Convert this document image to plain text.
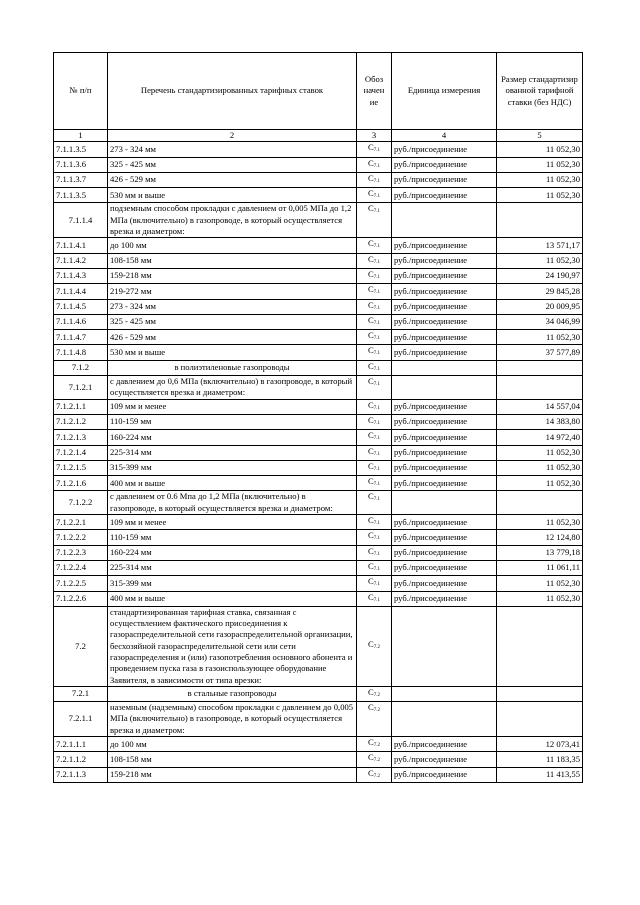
№ п/п	Перечень стандартизированных тарифных ставок	Обоз начен ие	Единица измерения	Размер стандартизир ованной тарифной ставки (без НДС)
1	2	3	4	5
7.1.1.3.5	273 - 324 мм	$C_{7.1}$	руб./присоединение	11 052,30
7.1.1.3.6	325 - 425 мм	$C_{7.1}$	руб./присоединение	11 052,30
7.1.1.3.7	426 - 529 мм	$C_{7.1}$	руб./присоединение	11 052,30
7.1.1.3.5	530 мм и выше	$C_{7.1}$	руб./присоединение	11 052,30
7.1.1.4	подземным способом прокладки с давлением от 0,005 МПа до 1,2 МПа (включительно) в газопроводе, в который осуществляется врезка и диаметром:	$C_{7.1}$		
7.1.1.4.1	до 100 мм	$C_{7.1}$	руб./присоединение	13 571,17
7.1.1.4.2	108-158 мм	$C_{7.1}$	руб./присоединение	11 052,30
7.1.1.4.3	159-218 мм	$C_{7.1}$	руб./присоединение	24 190,97
7.1.1.4.4	219-272 мм	$C_{7.1}$	руб./присоединение	29 845,28
7.1.1.4.5	273 - 324 мм	$C_{7.1}$	руб./присоединение	20 009,95
7.1.1.4.6	325 - 425 мм	$C_{7.1}$	руб./присоединение	34 046,99
7.1.1.4.7	426 - 529 мм	$C_{7.1}$	руб./присоединение	11 052,30
7.1.1.4.8	530 мм и выше	$C_{7.1}$	руб./присоединение	37 577,89
7.1.2	в полиэтиленовые газопроводы	$C_{7.1}$		
7.1.2.1	с давлением до 0,6 МПа (включительно) в газопроводе, в который осуществляется врезка и диаметром:	$C_{7.1}$		
7.1.2.1.1	109 мм и менее	$C_{7.1}$	руб./присоединение	14 557,04
7.1.2.1.2	110-159 мм	$C_{7.1}$	руб./присоединение	14 383,80
7.1.2.1.3	160-224 мм	$C_{7.1}$	руб./присоединение	14 972,40
7.1.2.1.4	225-314 мм	$C_{7.1}$	руб./присоединение	11 052,30
7.1.2.1.5	315-399 мм	$C_{7.1}$	руб./присоединение	11 052,30
7.1.2.1.6	400 мм и выше	$C_{7.1}$	руб./присоединение	11 052,30
7.1.2.2	с давлением от 0.6 Мпа до 1,2 МПа (включительно) в газопроводе, в который осуществляется врезка и диаметром:	$C_{7.1}$		
7.1.2.2.1	109 мм и менее	$C_{7.1}$	руб./присоединение	11 052,30
7.1.2.2.2	110-159 мм	$C_{7.1}$	руб./присоединение	12 124,80
7.1.2.2.3	160-224 мм	$C_{7.1}$	руб./присоединение	13 779,18
7.1.2.2.4	225-314 мм	$C_{7.1}$	руб./присоединение	11 061,11
7.1.2.2.5	315-399 мм	$C_{7.1}$	руб./присоединение	11 052,30
7.1.2.2.6	400 мм и выше	$C_{7.1}$	руб./присоединение	11 052,30
7.2	стандартизированная тарифная ставка, связанная с осуществлением фактического присоединения к газораспределительной сети газораспределительной организации, бесхозяйной газораспределительной сети или сети газораспределения и (или) газопотребления основного абонента и проведением пуска газа в газоиспользующее оборудование Заявителя, в зависимости от типа врезки:	$C_{7.2}$		
7.2.1	в стальные газопроводы	$C_{7.2}$		
7.2.1.1	наземным (надземным) способом прокладки с давлением до 0,005 МПа (включительно) в газопроводе, в который осуществляется врезка и диаметром:	$C_{7.2}$		
7.2.1.1.1	до 100 мм	$C_{7.2}$	руб./присоединение	12 073,41
7.2.1.1.2	108-158 мм	$C_{7.2}$	руб./присоединение	11 183,35
7.2.1.1.3	159-218 мм	$C_{7.2}$	руб./присоединение	11 413,55
